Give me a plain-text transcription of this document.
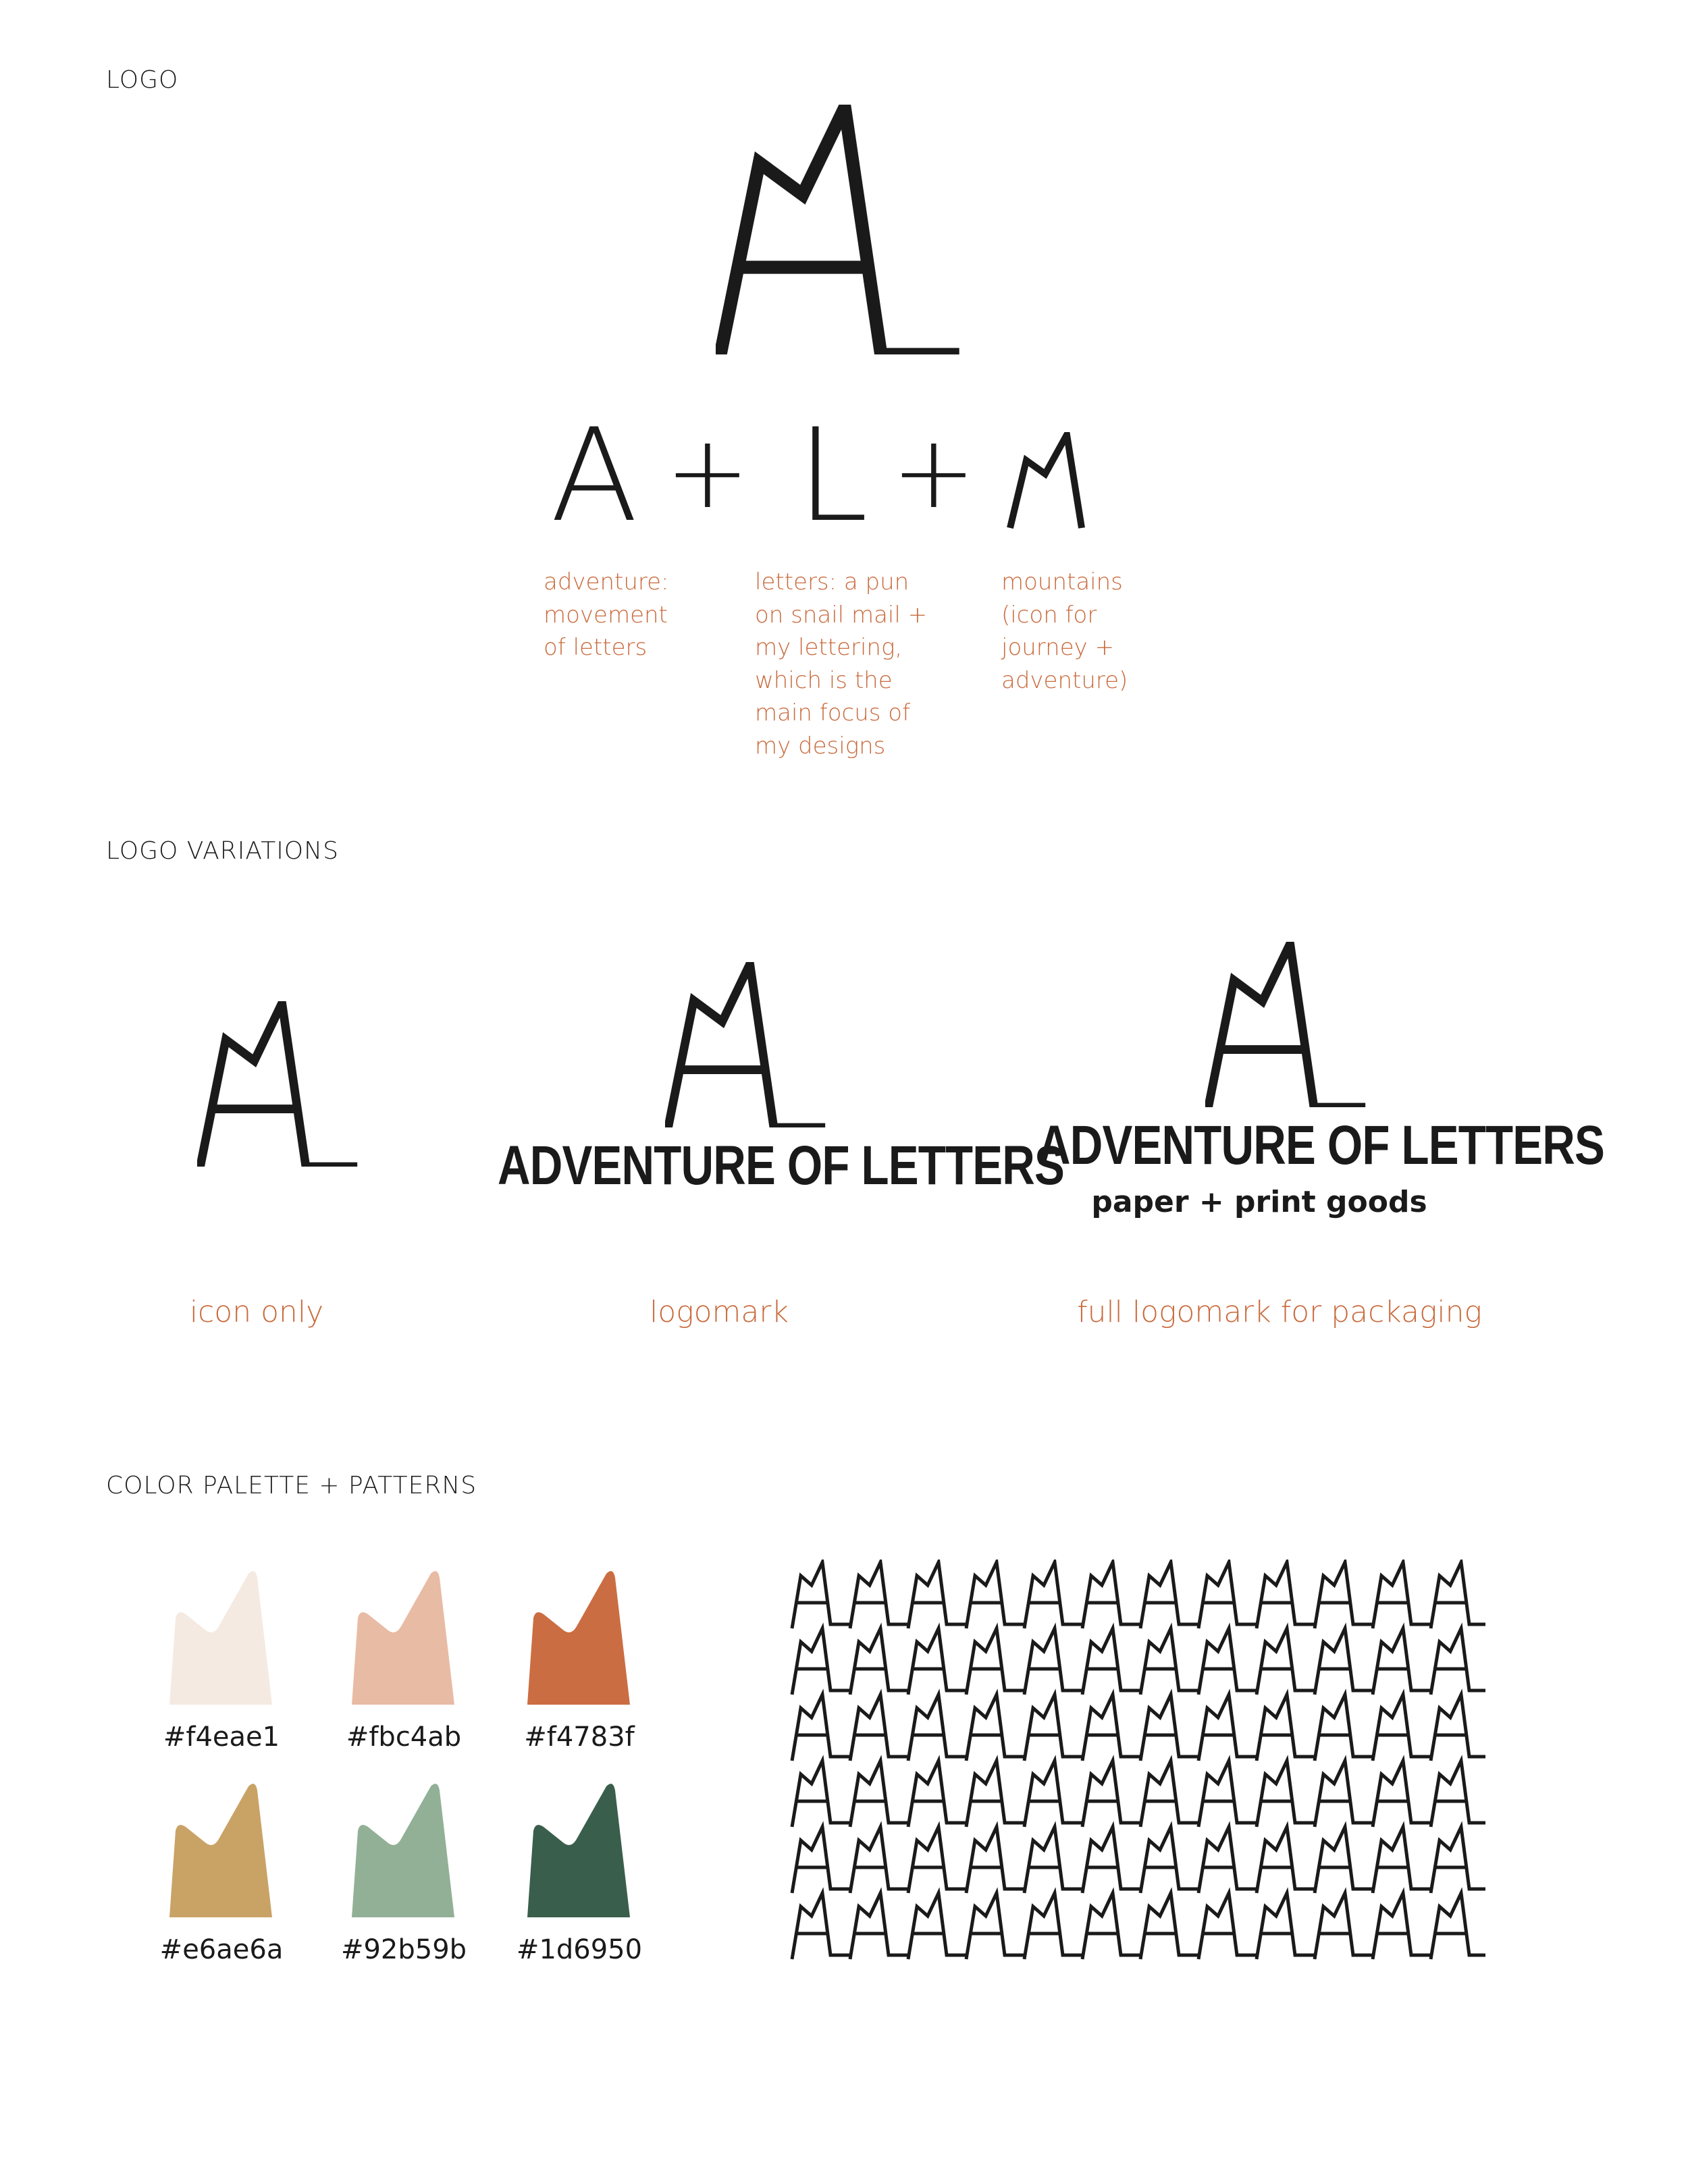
LOGO
A + L +
adventure:
movement
of letters
letters: a pun
on snail mail +
my lettering,
which is the
main focus of
my designs
mountains
(icon for
journey +
adventure)
LOGO VARIATIONS
ADVENTURE OF LETTERS
ADVENTURE OF LETTERS
paper + print goods
icon only	logomark	full logomark for packaging
COLOR PALETTE + PATTERNS
#f4eae1	#fbc4ab	#f4783f
#e6ae6a	#92b59b	#1d6950
